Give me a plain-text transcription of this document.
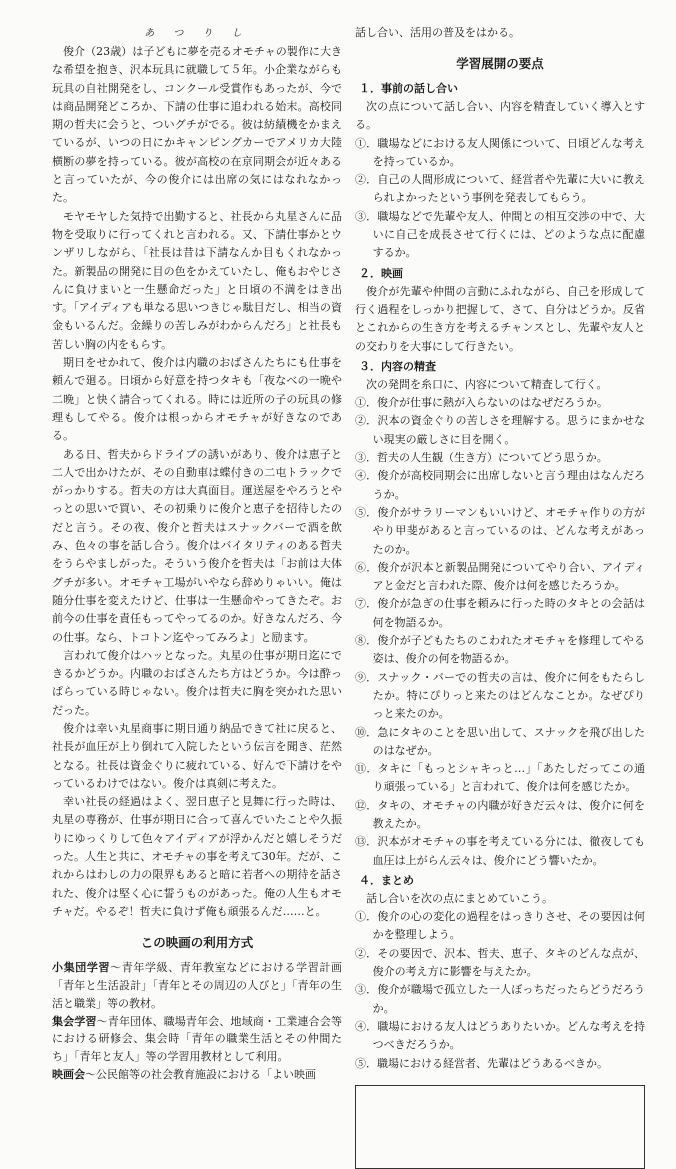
あ つ り し

俊介（23歳）は子どもに夢を売るオモチャの製作に大きな希望を抱き、沢本玩具に就職して５年。小企業ながらも玩具の自社開発をし、コンクール受賞作もあったが、今では商品開発どころか、下請の仕事に追われる始末。高校同期の哲夫に会うと、ついグチがでる。彼は紡績機をかまえているが、いつの日にかキャンピングカーでアメリカ大陸横断の夢を持っている。彼が高校の在京同期会が近々あると言っていたが、今の俊介には出席の気にはなれなかった。

モヤモヤした気持で出勤すると、社長から丸星さんに品物を受取りに行ってくれと言われる。又、下請仕事かとウンザリしながら、「社長は昔は下請なんか目もくれなかった。新製品の開発に目の色をかえていたし、俺もおやじさんに負けまいと一生懸命だった」と日頃の不満をはき出す。「アイディアも単なる思いつきじゃ駄目だし、相当の資金もいるんだ。金繰りの苦しみがわからんだろ」と社長も苦しい胸の内をもらす。

期日をせかれて、俊介は内職のおばさんたちにも仕事を頼んで廻る。日頃から好意を持つタキも「夜なべの一晩や二晩」と快く請合ってくれる。時には近所の子の玩具の修理もしてやる。俊介は根っからオモチャが好きなのである。

ある日、哲夫からドライブの誘いがあり、俊介は恵子と二人で出かけたが、その自動車は蝶付きの二屯トラックでがっかりする。哲夫の方は大真面目。運送屋をやろうとやっとの思いで買い、その初乗りに俊介と恵子を招待したのだと言う。その夜、俊介と哲夫はスナックバーで酒を飲み、色々の事を話し合う。俊介はバイタリティのある哲夫をうらやましがった。そういう俊介を哲夫は「お前は大体グチが多い。オモチャ工場がいやなら辞めりゃいい。俺は随分仕事を変えたけど、仕事は一生懸命やってきたぞ。お前今の仕事を責任もってやってるのか。好きなんだろ、今の仕事。なら、トコトン迄やってみろよ」と励ます。

言われて俊介はハッとなった。丸星の仕事が期日迄にできるかどうか。内職のおばさんたち方はどうか。今は酔っぱらっている時じゃない。俊介は哲夫に胸を突かれた思いだった。

俊介は幸い丸星商事に期日通り納品できて社に戻ると、社長が血圧が上り倒れて入院したという伝言を聞き、茫然となる。社長は資金ぐりに疲れている、好んで下請けをやっているわけではない。俊介は真剣に考えた。

幸い社長の経過はよく、翌日恵子と見舞に行った時は、丸星の専務が、仕事が期日に合って喜んでいたことや久振りにゆっくりして色々アイディアが浮かんだと嬉しそうだった。人生と共に、オモチャの事を考えて30年。だが、これからはわしの力の限界もあると暗に若者への期待を話された、俊介は堅く心に誓うものがあった。俺の人生もオモチャだ。やるぞ！哲夫に負けず俺も頑張るんだ……と。

この映画の利用方式

小集団学習～青年学級、青年教室などにおける学習計画「青年と生活設計」「青年とその周辺の人びと」「青年の生活と職業」等の教材。

集会学習～青年団体、職場青年会、地域商・工業連合会等における研修会、集会時「青年の職業生活とその仲間たち」「青年と友人」等の学習用教材として利用。

映画会～公民館等の社会教育施設における「よい映画

話し合い、活用の普及をはかる。

学習展開の要点
１．事前の話し合い

次の点について話し合い、内容を精査していく導入とする。

①．職場などにおける友人関係について、日頃どんな考えを持っているか。

②．自己の人間形成について、経営者や先輩に大いに教えられよかったという事例を発表してもらう。

③．職場などで先輩や友人、仲間との相互交渉の中で、大いに自己を成長させて行くには、どのような点に配慮するか。

２．映画

俊介が先輩や仲間の言動にふれながら、自己を形成して行く過程をしっかり把握して、さて、自分はどうか。反省とこれからの生き方を考えるチャンスとし、先輩や友人との交わりを大事にして行きたい。

３．内容の精査

次の発問を糸口に、内容について精査して行く。

①．俊介が仕事に熱が入らないのはなぜだろうか。

②．沢本の資金ぐりの苦しさを理解する。思うにまかせない現実の厳しさに目を開く。

③．哲夫の人生観（生き方）についてどう思うか。

④．俊介が高校同期会に出席しないと言う理由はなんだろうか。

⑤．俊介がサラリーマンもいいけど、オモチャ作りの方がやり甲斐があると言っているのは、どんな考えがあったのか。

⑥．俊介が沢本と新製品開発についてやり合い、アイディアと金だと言われた際、俊介は何を感じたろうか。

⑦．俊介が急ぎの仕事を頼みに行った時のタキとの会話は何を物語るか。

⑧．俊介が子どもたちのこわれたオモチャを修理してやる姿は、俊介の何を物語るか。

⑨．スナック・バーでの哲夫の言は、俊介に何をもたらしたか。特にぴりっと来たのはどんなことか。なぜぴりっと来たのか。

⑩．急にタキのことを思い出して、スナックを飛び出したのはなぜか。

⑪．タキに「もっとシャキっと…」「あたしだってこの通り頑張っている」と言われて、俊介は何を感じたか。

⑫．タキの、オモチャの内職が好きだ云々は、俊介に何を教えたか。

⑬．沢本がオモチャの事を考えている分には、徹夜しても血圧は上がらん云々は、俊介にどう響いたか。

４．まとめ

話し合いを次の点にまとめていこう。

①．俊介の心の変化の過程をはっきりさせ、その要因は何かを整理しよう。

②．その要因で、沢本、哲夫、恵子、タキのどんな点が、俊介の考え方に影響を与えたか。

③．俊介が職場で孤立した一人ぼっちだったらどうだろうか。

④．職場における友人はどうありたいか。どんな考えを持つべきだろうか。

⑤．職場における経営者、先輩はどうあるべきか。
